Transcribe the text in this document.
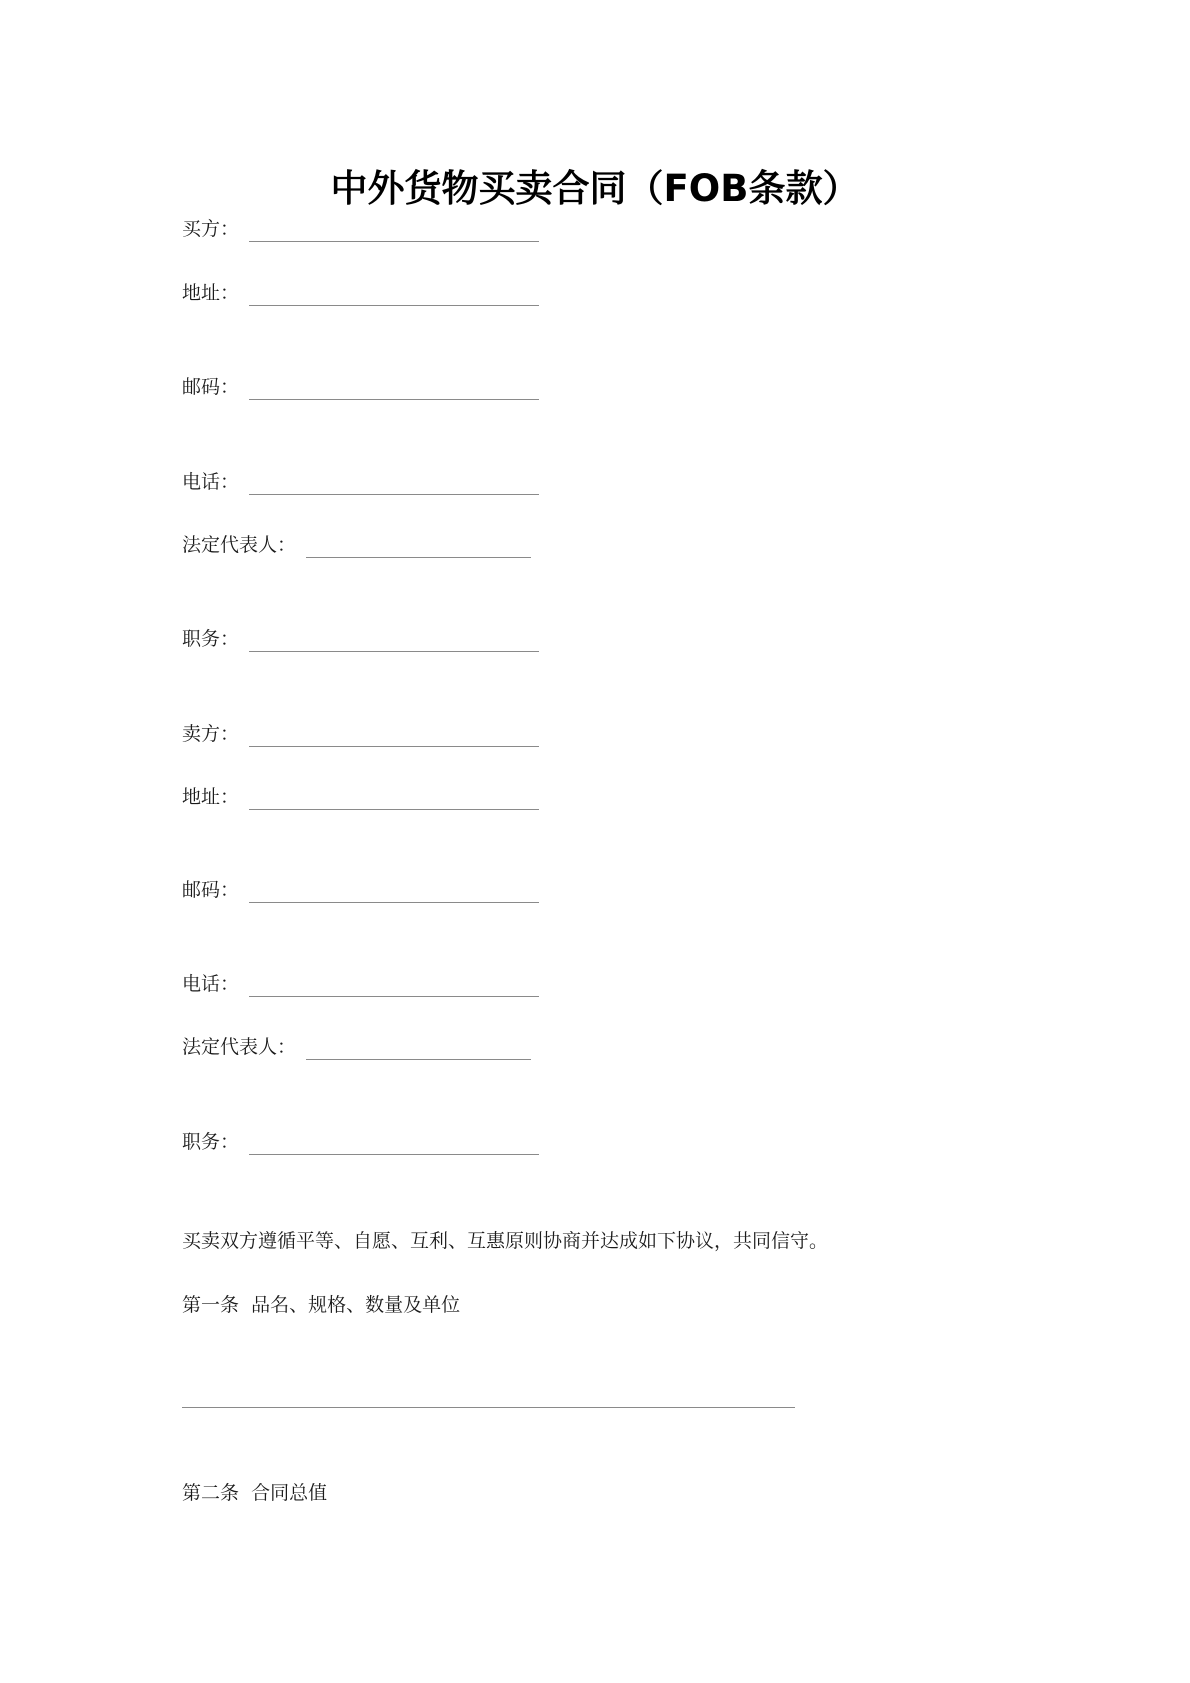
中外货物买卖合同（FOB条款）
买方：
地址：
邮码：
电话：
法定代表人：
职务：
卖方：
地址：
邮码：
电话：
法定代表人：
职务：
买卖双方遵循平等、自愿、互利、互惠原则协商并达成如下协议，共同信守。
第一条  品名、规格、数量及单位
第二条  合同总值
